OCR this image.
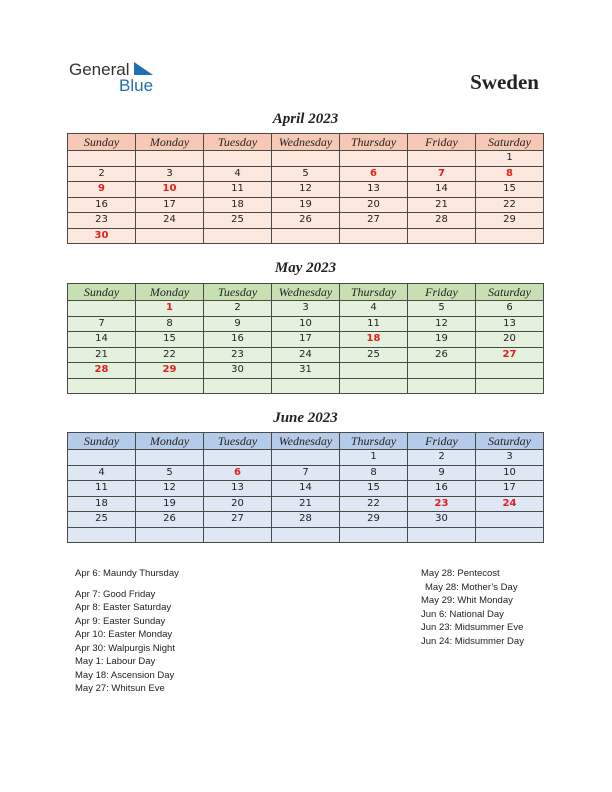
General
Blue	Sweden
April 2023
Sunday	Monday	Tuesday	Wednesday	Thursday	Friday	Saturday
						1
2	3	4	5	6	7	8
9	10	11	12	13	14	15
16	17	18	19	20	21	22
23	24	25	26	27	28	29
30						
May 2023
Sunday	Monday	Tuesday	Wednesday	Thursday	Friday	Saturday
	1	2	3	4	5	6
7	8	9	10	11	12	13
14	15	16	17	18	19	20
21	22	23	24	25	26	27
28	29	30	31			

June 2023
Sunday	Monday	Tuesday	Wednesday	Thursday	Friday	Saturday
				1	2	3
4	5	6	7	8	9	10
11	12	13	14	15	16	17
18	19	20	21	22	23	24
25	26	27	28	29	30	

Apr 6: Maundy Thursday
Apr 7: Good Friday
Apr 8: Easter Saturday
Apr 9: Easter Sunday
Apr 10: Easter Monday
Apr 30: Walpurgis Night
May 1: Labour Day
May 18: Ascension Day
May 27: Whitsun Eve
May 28: Pentecost
May 28: Mother’s Day
May 29: Whit Monday
Jun 6: National Day
Jun 23: Midsummer Eve
Jun 24: Midsummer Day
